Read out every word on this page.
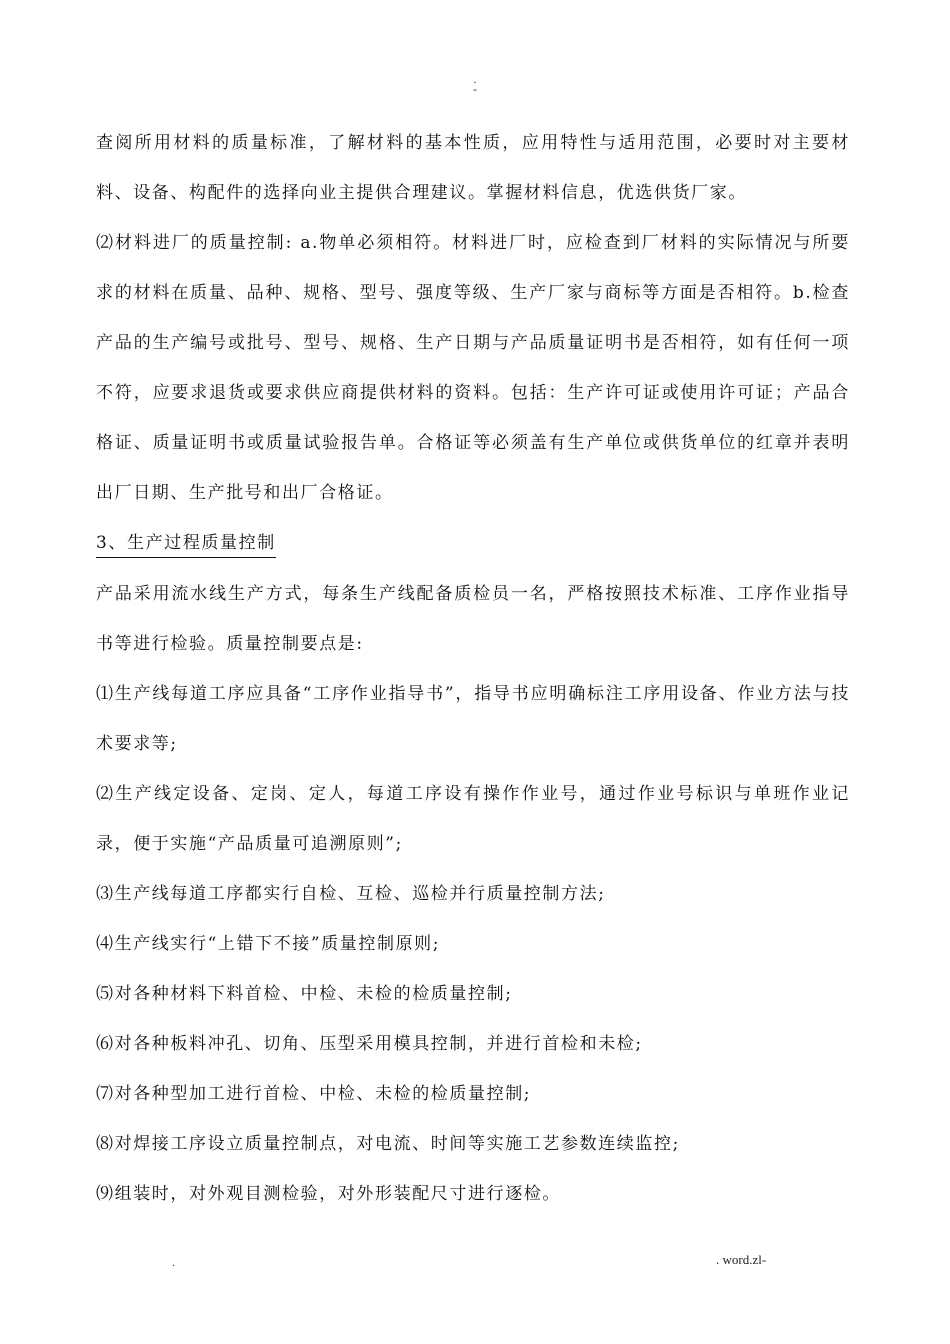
.
-

查阅所用材料的质量标准，了解材料的基本性质，应用特性与适用范围，必要时对主要材料、设备、构配件的选择向业主提供合理建议。掌握材料信息，优选供货厂家。

⑵材料进厂的质量控制: a.物单必须相符。材料进厂时，应检查到厂材料的实际情况与所要求的材料在质量、品种、规格、型号、强度等级、生产厂家与商标等方面是否相符。b.检查产品的生产编号或批号、型号、规格、生产日期与产品质量证明书是否相符，如有任何一项不符，应要求退货或要求供应商提供材料的资料。包括：生产许可证或使用许可证；产品合格证、质量证明书或质量试验报告单。合格证等必须盖有生产单位或供货单位的红章并表明出厂日期、生产批号和出厂合格证。

3、生产过程质量控制

产品采用流水线生产方式，每条生产线配备质检员一名，严格按照技术标准、工序作业指导书等进行检验。质量控制要点是:

⑴生产线每道工序应具备“工序作业指导书”，指导书应明确标注工序用设备、作业方法与技术要求等;

⑵生产线定设备、定岗、定人，每道工序设有操作作业号，通过作业号标识与单班作业记录，便于实施“产品质量可追溯原则”;

⑶生产线每道工序都实行自检、互检、巡检并行质量控制方法;

⑷生产线实行“上错下不接”质量控制原则;

⑸对各种材料下料首检、中检、未检的检质量控制;

⑹对各种板料冲孔、切角、压型采用模具控制，并进行首检和未检;

⑺对各种型加工进行首检、中检、未检的检质量控制;

⑻对焊接工序设立质量控制点，对电流、时间等实施工艺参数连续监控;

⑼组装时，对外观目测检验，对外形装配尺寸进行逐检。

.	. word.zl-
